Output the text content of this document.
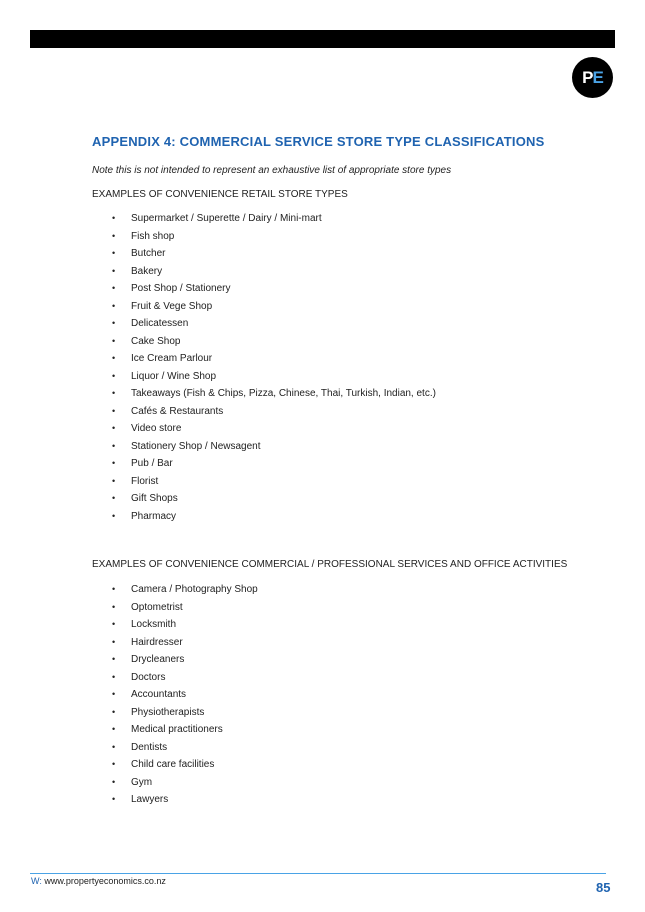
P E
APPENDIX 4: COMMERCIAL SERVICE STORE TYPE CLASSIFICATIONS
Note this is not intended to represent an exhaustive list of appropriate store types
EXAMPLES OF CONVENIENCE RETAIL STORE TYPES
• Supermarket / Superette / Dairy / Mini-mart
• Fish shop
• Butcher
• Bakery
• Post Shop / Stationery
• Fruit & Vege Shop
• Delicatessen
• Cake Shop
• Ice Cream Parlour
• Liquor / Wine Shop
• Takeaways (Fish & Chips, Pizza, Chinese, Thai, Turkish, Indian, etc.)
• Cafés & Restaurants
• Video store
• Stationery Shop / Newsagent
• Pub / Bar
• Florist
• Gift Shops
• Pharmacy
EXAMPLES OF CONVENIENCE COMMERCIAL / PROFESSIONAL SERVICES AND OFFICE ACTIVITIES
• Camera / Photography Shop
• Optometrist
• Locksmith
• Hairdresser
• Drycleaners
• Doctors
• Accountants
• Physiotherapists
• Medical practitioners
• Dentists
• Child care facilities
• Gym
• Lawyers
W: www.propertyeconomics.co.nz	85
